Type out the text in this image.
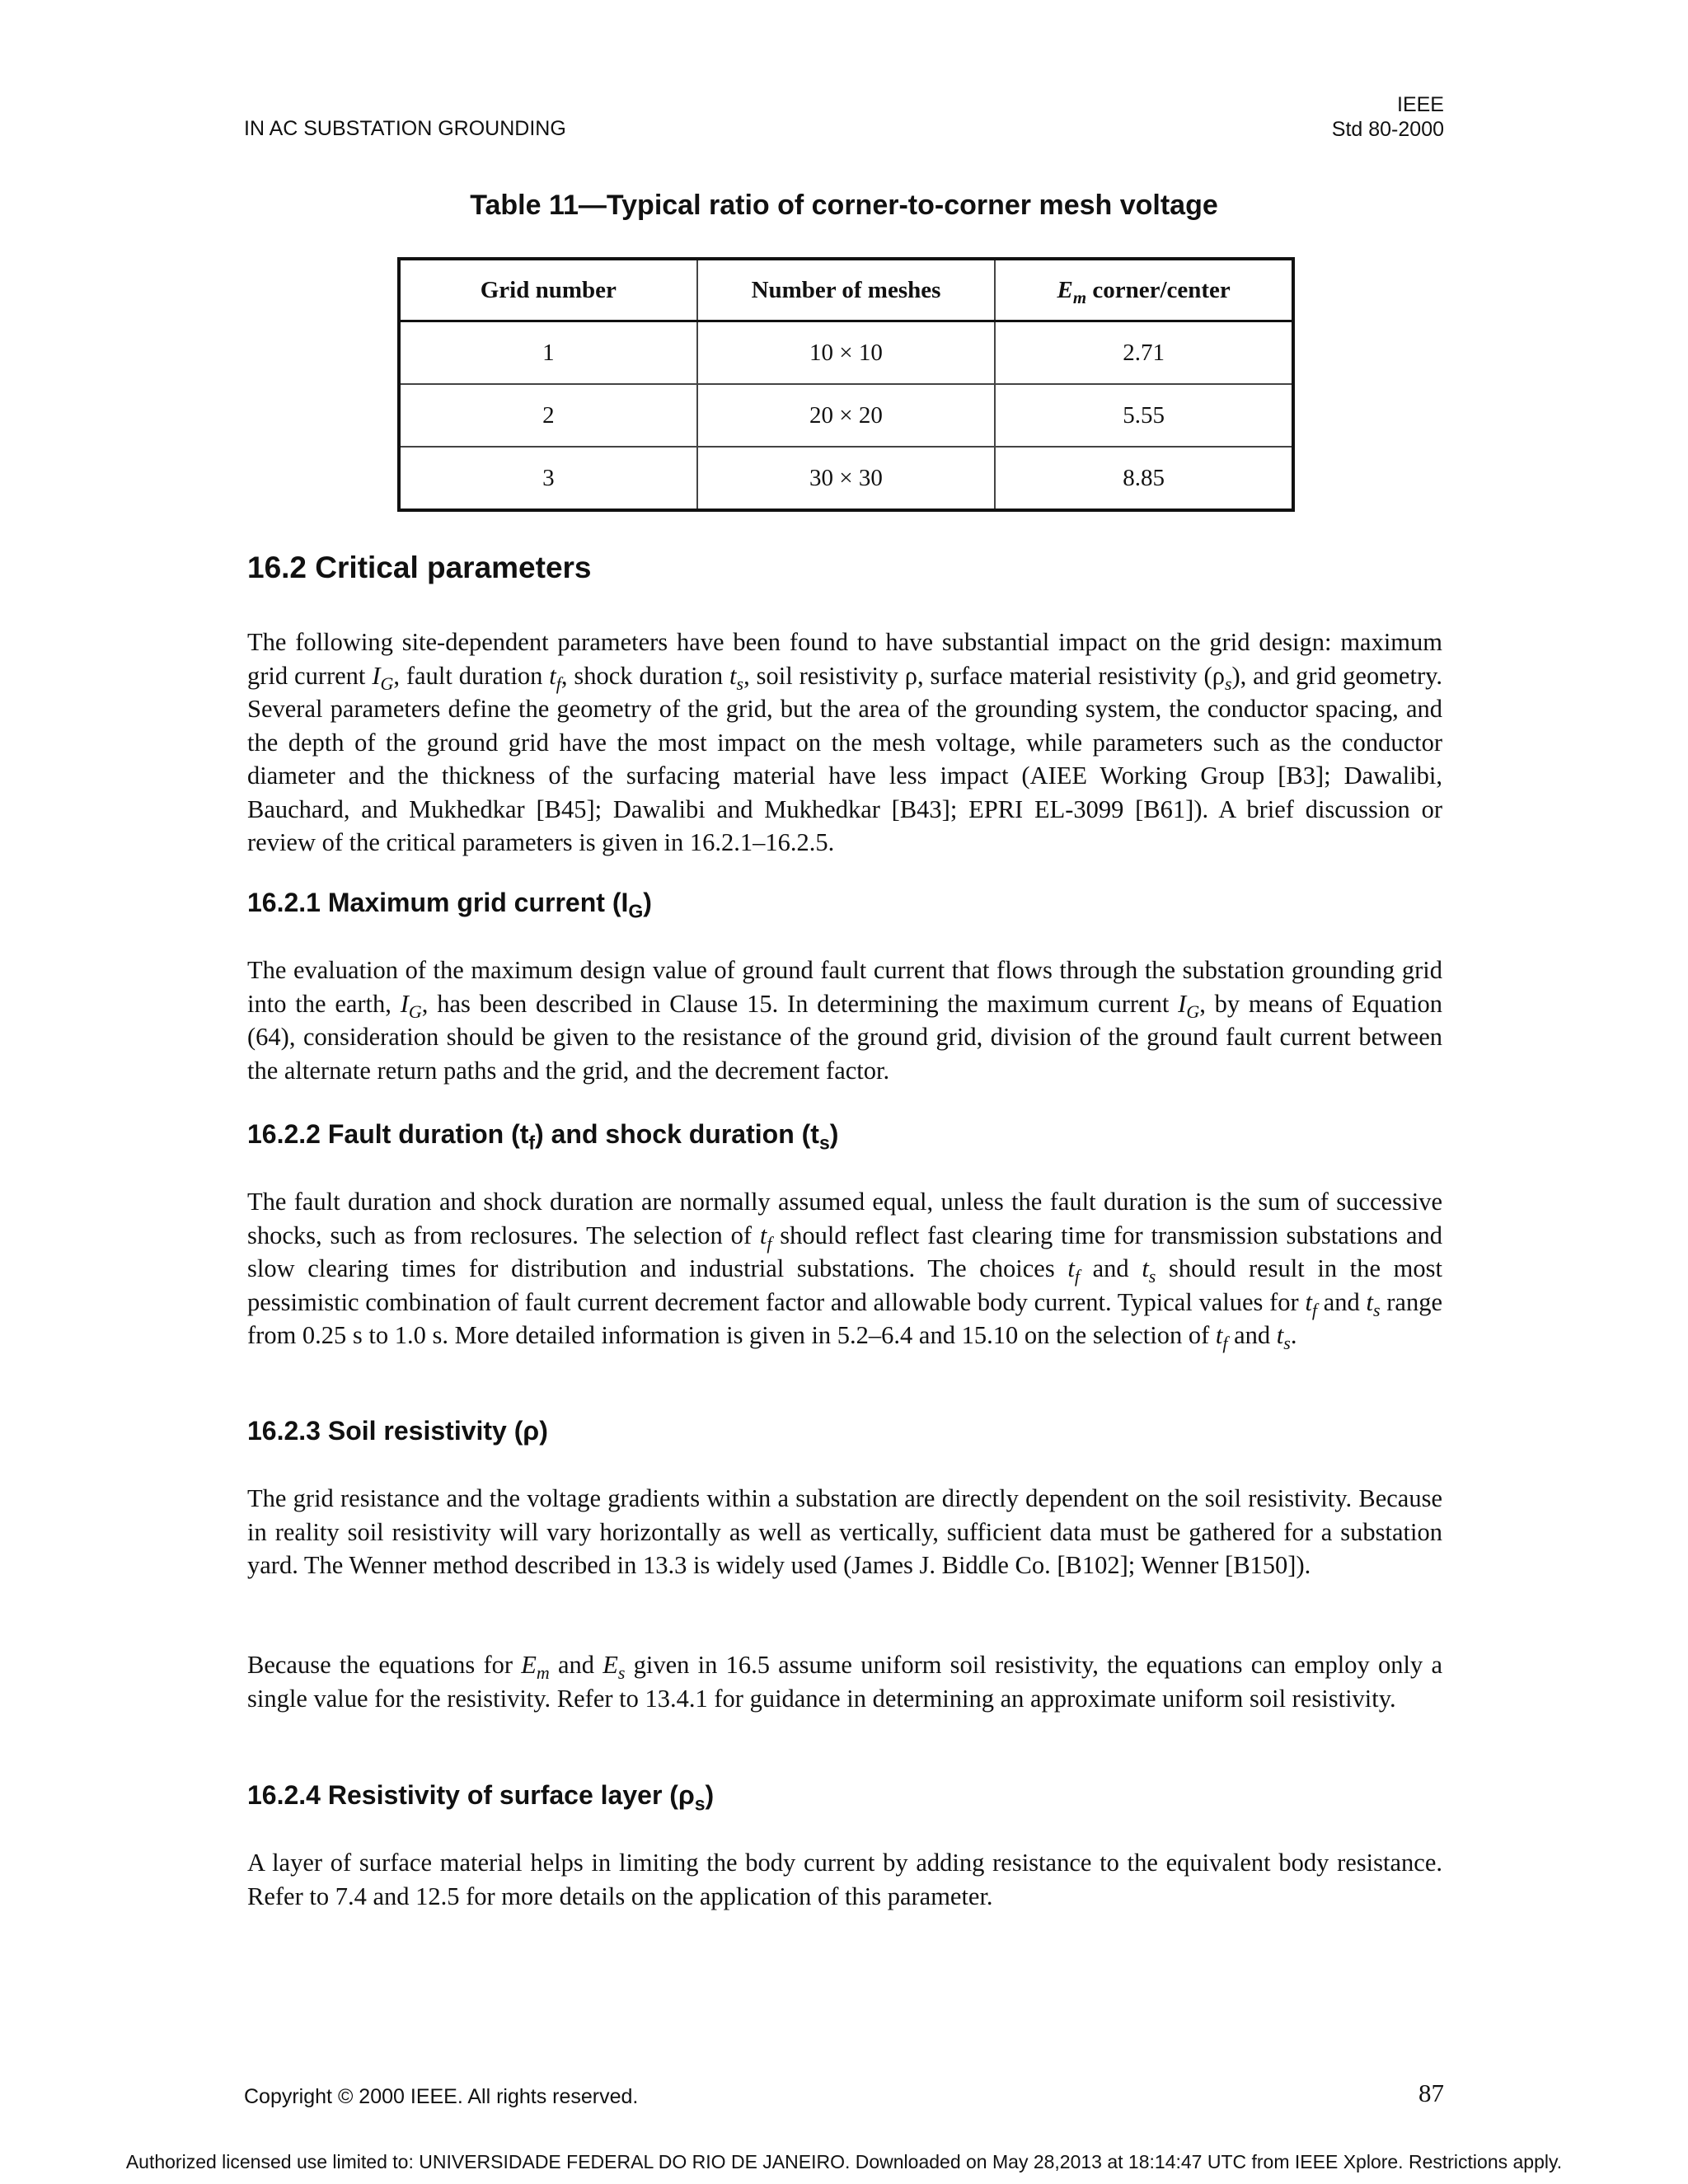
IN AC SUBSTATION GROUNDING
IEEE
Std 80-2000
Table 11—Typical ratio of corner-to-corner mesh voltage
Grid number	Number of meshes	$E_m$ corner/center
1	10 × 10	2.71
2	20 × 20	5.55
3	30 × 30	8.85
16.2 Critical parameters

The following site-dependent parameters have been found to have substantial impact on the grid design: maximum grid current $I_G$, fault duration $t_f$, shock duration $t_s$, soil resistivity ρ, surface material resistivity $(\rho_s)$, and grid geometry. Several parameters define the geometry of the grid, but the area of the grounding system, the conductor spacing, and the depth of the ground grid have the most impact on the mesh voltage, while parameters such as the conductor diameter and the thickness of the surfacing material have less impact (AIEE Working Group [B3]; Dawalibi, Bauchard, and Mukhedkar [B45]; Dawalibi and Mukhedkar [B43]; EPRI EL-3099 [B61]). A brief discussion or review of the critical parameters is given in 16.2.1–16.2.5.

16.2.1 Maximum grid current $(I_G)$

The evaluation of the maximum design value of ground fault current that flows through the substation grounding grid into the earth, $I_G$, has been described in Clause 15. In determining the maximum current $I_G$, by means of Equation (64), consideration should be given to the resistance of the ground grid, division of the ground fault current between the alternate return paths and the grid, and the decrement factor.

16.2.2 Fault duration $(t_f)$ and shock duration $(t_s)$

The fault duration and shock duration are normally assumed equal, unless the fault duration is the sum of successive shocks, such as from reclosures. The selection of $t_f$ should reflect fast clearing time for transmission substations and slow clearing times for distribution and industrial substations. The choices $t_f$ and $t_s$ should result in the most pessimistic combination of fault current decrement factor and allowable body current. Typical values for $t_f$ and $t_s$ range from 0.25 s to 1.0 s. More detailed information is given in 5.2–6.4 and 15.10 on the selection of $t_f$ and $t_s$.

16.2.3 Soil resistivity (ρ)

The grid resistance and the voltage gradients within a substation are directly dependent on the soil resistivity. Because in reality soil resistivity will vary horizontally as well as vertically, sufficient data must be gathered for a substation yard. The Wenner method described in 13.3 is widely used (James J. Biddle Co. [B102]; Wenner [B150]).

Because the equations for $E_m$ and $E_s$ given in 16.5 assume uniform soil resistivity, the equations can employ only a single value for the resistivity. Refer to 13.4.1 for guidance in determining an approximate uniform soil resistivity.

16.2.4 Resistivity of surface layer $(\rho_s)$

A layer of surface material helps in limiting the body current by adding resistance to the equivalent body resistance. Refer to 7.4 and 12.5 for more details on the application of this parameter.

Copyright © 2000 IEEE. All rights reserved.	87
Authorized licensed use limited to: UNIVERSIDADE FEDERAL DO RIO DE JANEIRO. Downloaded on May 28,2013 at 18:14:47 UTC from IEEE Xplore. Restrictions apply.
